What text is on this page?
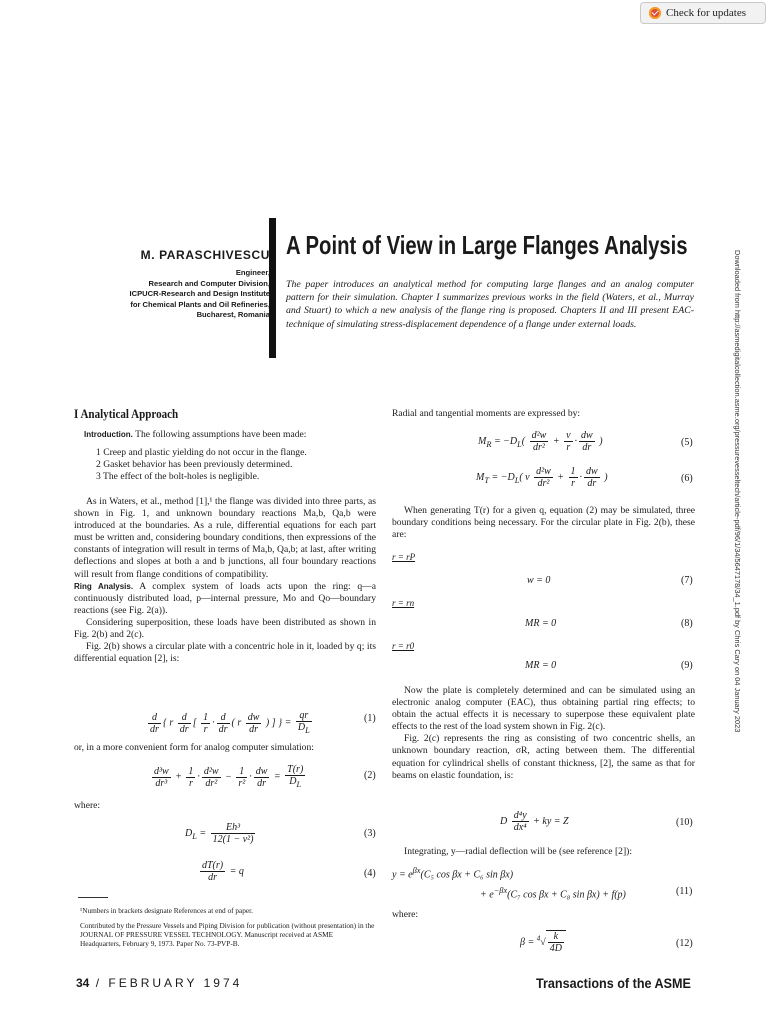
Check for updates
A Point of View in Large Flanges Analysis
M. PARASCHIVESCU
Engineer,
Research and Computer Division,
ICPUCR-Research and Design Institute
for Chemical Plants and Oil Refineries,
Bucharest, Romania
The paper introduces an analytical method for computing large flanges and an analog computer pattern for their simulation. Chapter I summarizes previous works in the field (Waters, et al., Murray and Stuart) to which a new analysis of the flange ring is proposed. Chapters II and III present EAC-technique of simulating stress-displacement dependence of a flange under external loads.	Downloaded from http://asmedigitalcollection.asme.org/pressurevesseltech/article-pdf/96/1/34/5647178/34_1.pdf by Chris Cary on 04 January 2023
I Analytical Approach

Introduction. The following assumptions have been made:

1 Creep and plastic yielding do not occur in the flange.
2 Gasket behavior has been previously determined.
3 The effect of the bolt-holes is negligible.

As in Waters, et al., method [1],¹ the flange was divided into three parts, as shown in Fig. 1, and unknown boundary reactions Ma,b, Qa,b were introduced at the boundaries. As a rule, differential equations for each part must be written and, considering boundary conditions, then expressions of the constants of integration will result in terms of Ma,b, Qa,b; at last, after writing deflections and slopes at both a and b junctions, all four boundary reactions will result from flange conditions of compatibility.

Ring Analysis. A complex system of loads acts upon the ring: q—a continuously distributed load, p—internal pressure, Mo and Qo—boundary reactions (see Fig. 2(a)).

Considering superposition, these loads have been distributed as shown in Fig. 2(b) and 2(c).

Fig. 2(b) shows a circular plate with a concentric hole in it, loaded by q; its differential equation [2], is:

$\frac{d}{dr}$ { r $\frac{d}{dr}$ [ $\frac{1}{r} \cdot \frac{d}{dr}$ ( r $\frac{dw}{dr}$ ) ] } = $\frac{qr}{D_L}$	(1)
or, in a more convenient form for analog computer simulation:
$\frac{\text{d³w}}{\text{dr³}} + \frac{1}{r} \cdot \frac{\text{d²w}}{\text{dr²}} - \frac{1}{\text{r²}} \cdot \frac{dw}{dr} = \frac{T(r)}{D_L}$	(2)
where:
$D_L = \frac{\text{Eh³}}{\text{12(1 − ν²)}}$	(3)
$\frac{dT(r)}{dr} = q$	(4)
¹Numbers in brackets designate References at end of paper.
Contributed by the Pressure Vessels and Piping Division for publication (without presentation) in the JOURNAL OF PRESSURE VESSEL TECHNOLOGY. Manuscript received at ASME Headquarters, February 9, 1973. Paper No. 73-PVP-B.
Radial and tangential moments are expressed by:
$M_R = -D_L( \frac{\text{d²w}}{\text{dr²}} + \frac{\nu}{r} \cdot \frac{dw}{dr}$ )	(5)
$M_T = -D_L$( ν $\frac{\text{d²w}}{\text{dr²}} + \frac{1}{r} \cdot \frac{dw}{dr}$ )	(6)

When generating T(r) for a given q, equation (2) may be simulated, three boundary conditions being necessary. For the circular plate in Fig. 2(b), these are:

r = rP
w = 0	(7)
r = rn
MR = 0	(8)
r = r0
MR = 0	(9)

Now the plate is completely determined and can be simulated using an electronic analog computer (EAC), thus obtaining partial ring effects; to obtain the actual effects it is necessary to superpose these equivalent plate effects to the rest of the load system shown in Fig. 2(c).

Fig. 2(c) represents the ring as consisting of two concentric shells, an unknown boundary reaction, σR, acting between them. The differential equation for cylindrical shells of constant thickness, [2], the same as that for beams on elastic foundation, is:

D $\frac{\text{d⁴y}}{\text{dx⁴}}$ + ky = Z	(10)
Integrating, y—radial deflection will be (see reference [2]):
$y = e^{\beta x}(C_5$ cos βx + C₆ sin βx)
+ $e^{-\beta x}(C_7$ cos βx + C₈ sin βx) + f(p)	(11)
where:
$\beta = ^4√ \frac{k}{4D}$	(12)
34 / FEBRUARY 1974	Transactions of the ASME
